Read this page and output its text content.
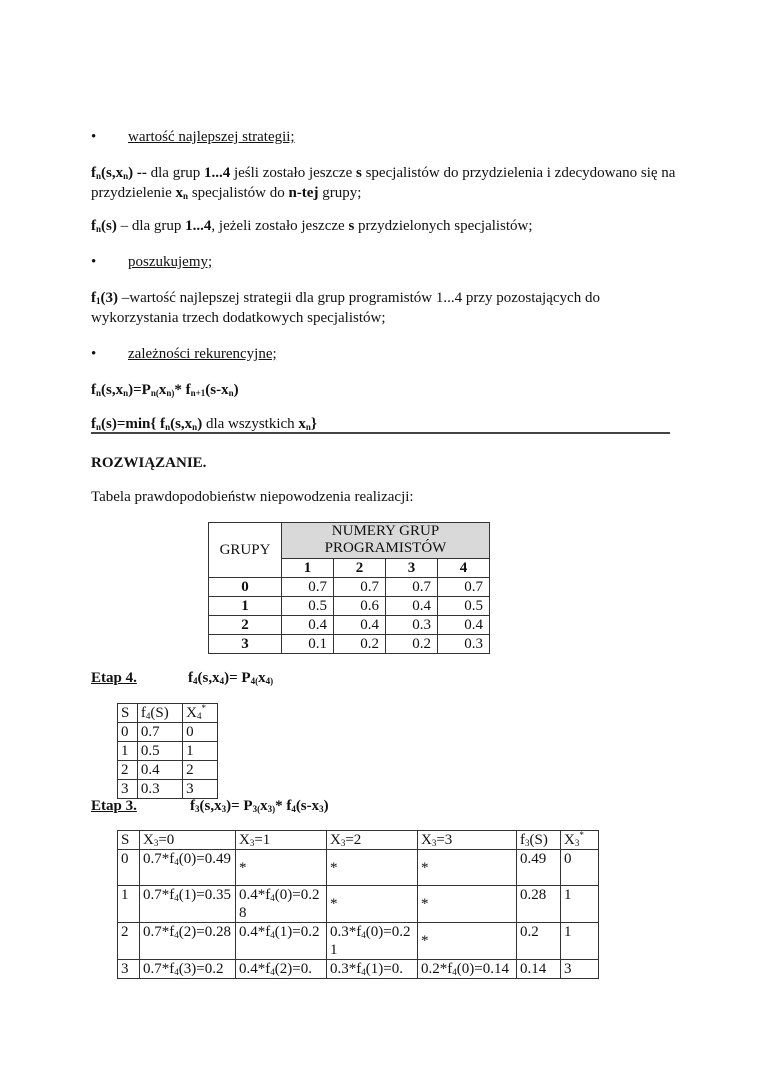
• wartość najlepszej strategii;
$f_n(s,x_n)$ -- dla grup 1...4 jeśli zostało jeszcze s specjalistów do przydzielenia i zdecydowano się na przydzielenie $x_n$ specjalistów do n-tej grupy;
$f_n(s)$ – dla grup 1...4, jeżeli zostało jeszcze s przydzielonych specjalistów;
• poszukujemy;
$f_1(3)$ –wartość najlepszej strategii dla grup programistów 1...4 przy pozostających do wykorzystania trzech dodatkowych specjalistów;
• zależności rekurencyjne;
$f_n(s,x_n)=P_{n(}x_{n)}*$ $f_{n+1}(s-x_n)$
$f_n(s)=\min${ $f_n(s,x_n)$ dla wszystkich $x_n$}
ROZWIĄZANIE.
Tabela prawdopodobieństw niepowodzenia realizacji:
GRUPY	NUMERY GRUP PROGRAMISTÓW			
	1	2	3	4
0	0.7	0.7	0.7	0.7
1	0.5	0.6	0.4	0.5
2	0.4	0.4	0.3	0.4
3	0.1	0.2	0.2	0.3
Etap 4.	$f_4(s,x_4)= P_{4(}x_{4)}$
S	$f_4(S)$	$X_4^*$
0	0.7	0
1	0.5	1
2	0.4	2
3	0.3	3
Etap 3.	$f_3(s,x_3)= P_{3(}x_{3)}*$ $f_4(s-x_3)$
S	$X_3=0$	$X_3=1$	$X_3=2$	$X_3=3$	$f_3(S)$	$X_3^*$
0	$0.7*f_4(0)=0.49$	*	*	*	0.49	0
1	$0.7*f_4(1)=0.35$	$0.4*f_4(0)=0.28$	*	*	0.28	1
2	$0.7*f_4(2)=0.28$	$0.4*f_4(1)=0.2$	$0.3*f_4(0)=0.21$	*	0.2	1
3	$0.7*f_4(3)=0.2$	$0.4*f_4(2)=0$.	$0.3*f_4(1)=0$.	$0.2*f_4(0)=0.14$	0.14	3
